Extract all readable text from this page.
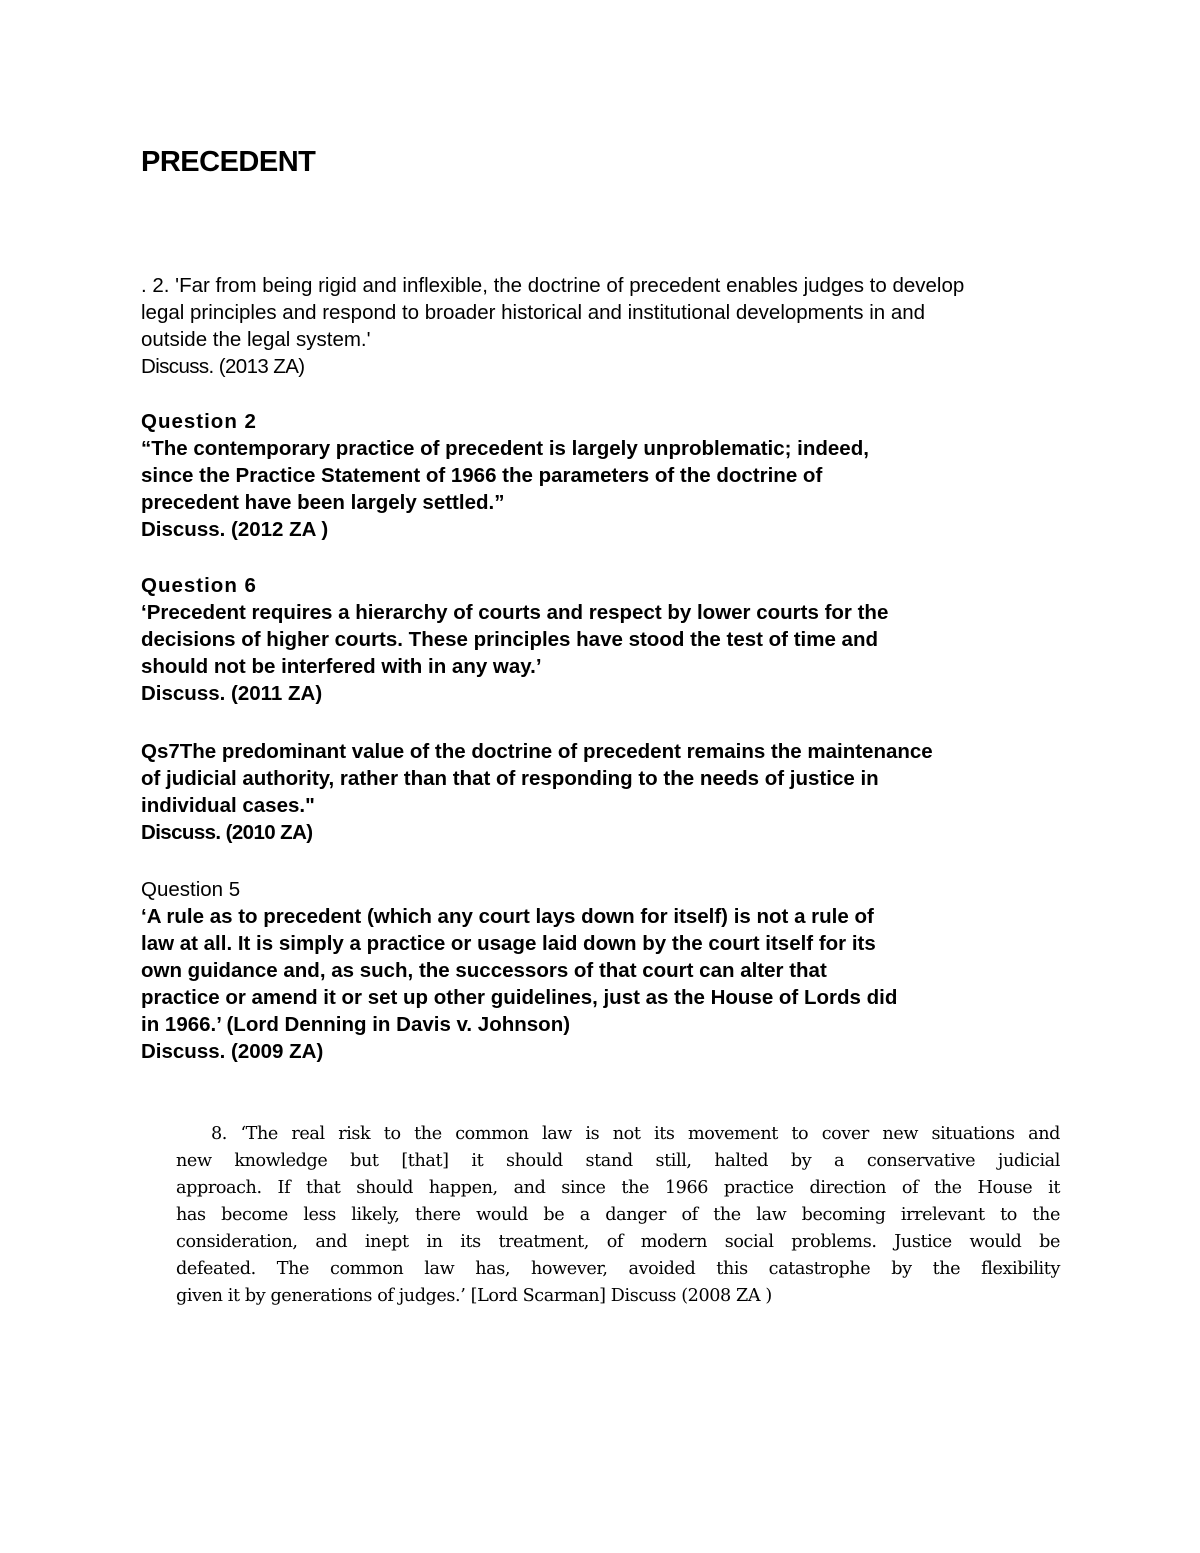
PRECEDENT
. 2. 'Far from being rigid and inflexible, the doctrine of precedent enables judges to develop
legal principles and respond to broader historical and institutional developments in and
outside the legal system.'
Discuss. (2013 ZA)
Question 2
“The contemporary practice of precedent is largely unproblematic; indeed,
since the Practice Statement of 1966 the parameters of the doctrine of
precedent have been largely settled.”
Discuss. (2012 ZA )
Question 6
‘Precedent requires a hierarchy of courts and respect by lower courts for the
decisions of higher courts. These principles have stood the test of time and
should not be interfered with in any way.’
Discuss. (2011 ZA)
Qs7The predominant value of the doctrine of precedent remains the maintenance
of judicial authority, rather than that of responding to the needs of justice in
individual cases."
Discuss. (2010 ZA)
Question 5
‘A rule as to precedent (which any court lays down for itself) is not a rule of
law at all. It is simply a practice or usage laid down by the court itself for its
own guidance and, as such, the successors of that court can alter that
practice or amend it or set up other guidelines, just as the House of Lords did
in 1966.’ (Lord Denning in Davis v. Johnson)
Discuss. (2009 ZA)
8. ‘The real risk to the common law is not its movement to cover new situations and
new knowledge but [that] it should stand still, halted by a conservative judicial
approach. If that should happen, and since the 1966 practice direction of the House it
has become less likely, there would be a danger of the law becoming irrelevant to the
consideration, and inept in its treatment, of modern social problems. Justice would be
defeated. The common law has, however, avoided this catastrophe by the flexibility
given it by generations of judges.’ [Lord Scarman] Discuss (2008 ZA )
